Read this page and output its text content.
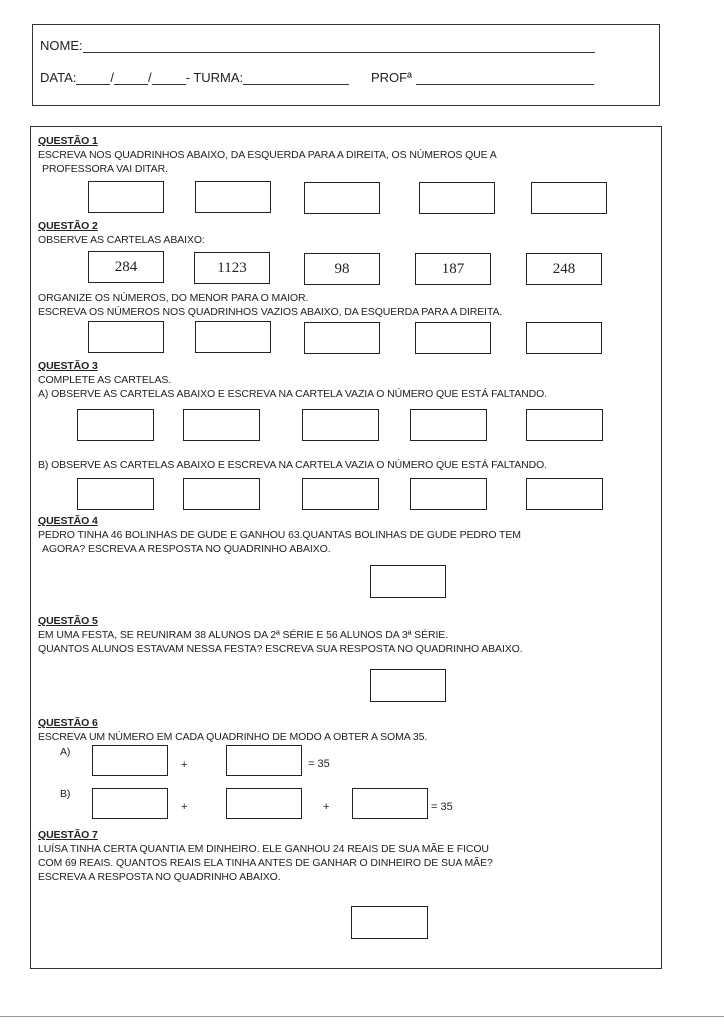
NOME:
DATA:	/	/	- TURMA:	PROFª
QUESTÃO 1
ESCREVA NOS QUADRINHOS ABAIXO, DA ESQUERDA PARA A DIREITA, OS NÚMEROS QUE A
PROFESSORA VAI DITAR.
QUESTÃO 2
OBSERVE AS CARTELAS ABAIXO:
284	1123	98	187	248
ORGANIZE OS NÚMEROS, DO MENOR PARA O MAIOR.
ESCREVA OS NÚMEROS NOS QUADRINHOS VAZIOS ABAIXO, DA ESQUERDA PARA A DIREITA.
QUESTÃO 3
COMPLETE AS CARTELAS.
A) OBSERVE AS CARTELAS ABAIXO E ESCREVA NA CARTELA VAZIA O NÚMERO QUE ESTÁ FALTANDO.
B) OBSERVE AS CARTELAS ABAIXO E ESCREVA NA CARTELA VAZIA O NÚMERO QUE ESTÁ FALTANDO.
QUESTÃO 4
PEDRO TINHA 46 BOLINHAS DE GUDE E GANHOU 63.QUANTAS BOLINHAS DE GUDE PEDRO TEM
AGORA? ESCREVA A RESPOSTA NO QUADRINHO ABAIXO.
QUESTÃO 5
EM UMA FESTA, SE REUNIRAM 38 ALUNOS DA 2ª SÉRIE E 56 ALUNOS DA 3ª SÉRIE.
QUANTOS ALUNOS ESTAVAM NESSA FESTA? ESCREVA SUA RESPOSTA NO QUADRINHO ABAIXO.
QUESTÃO 6
ESCREVA UM NÚMERO EM CADA QUADRINHO DE MODO A OBTER A SOMA 35.
A)
+	= 35
B)
+	+	= 35
QUESTÃO 7
LUÍSA TINHA CERTA QUANTIA EM DINHEIRO. ELE GANHOU 24 REAIS DE SUA MÃE E FICOU
COM 69 REAIS. QUANTOS REAIS ELA TINHA ANTES DE GANHAR O DINHEIRO DE SUA MÃE?
ESCREVA A RESPOSTA NO QUADRINHO ABAIXO.
